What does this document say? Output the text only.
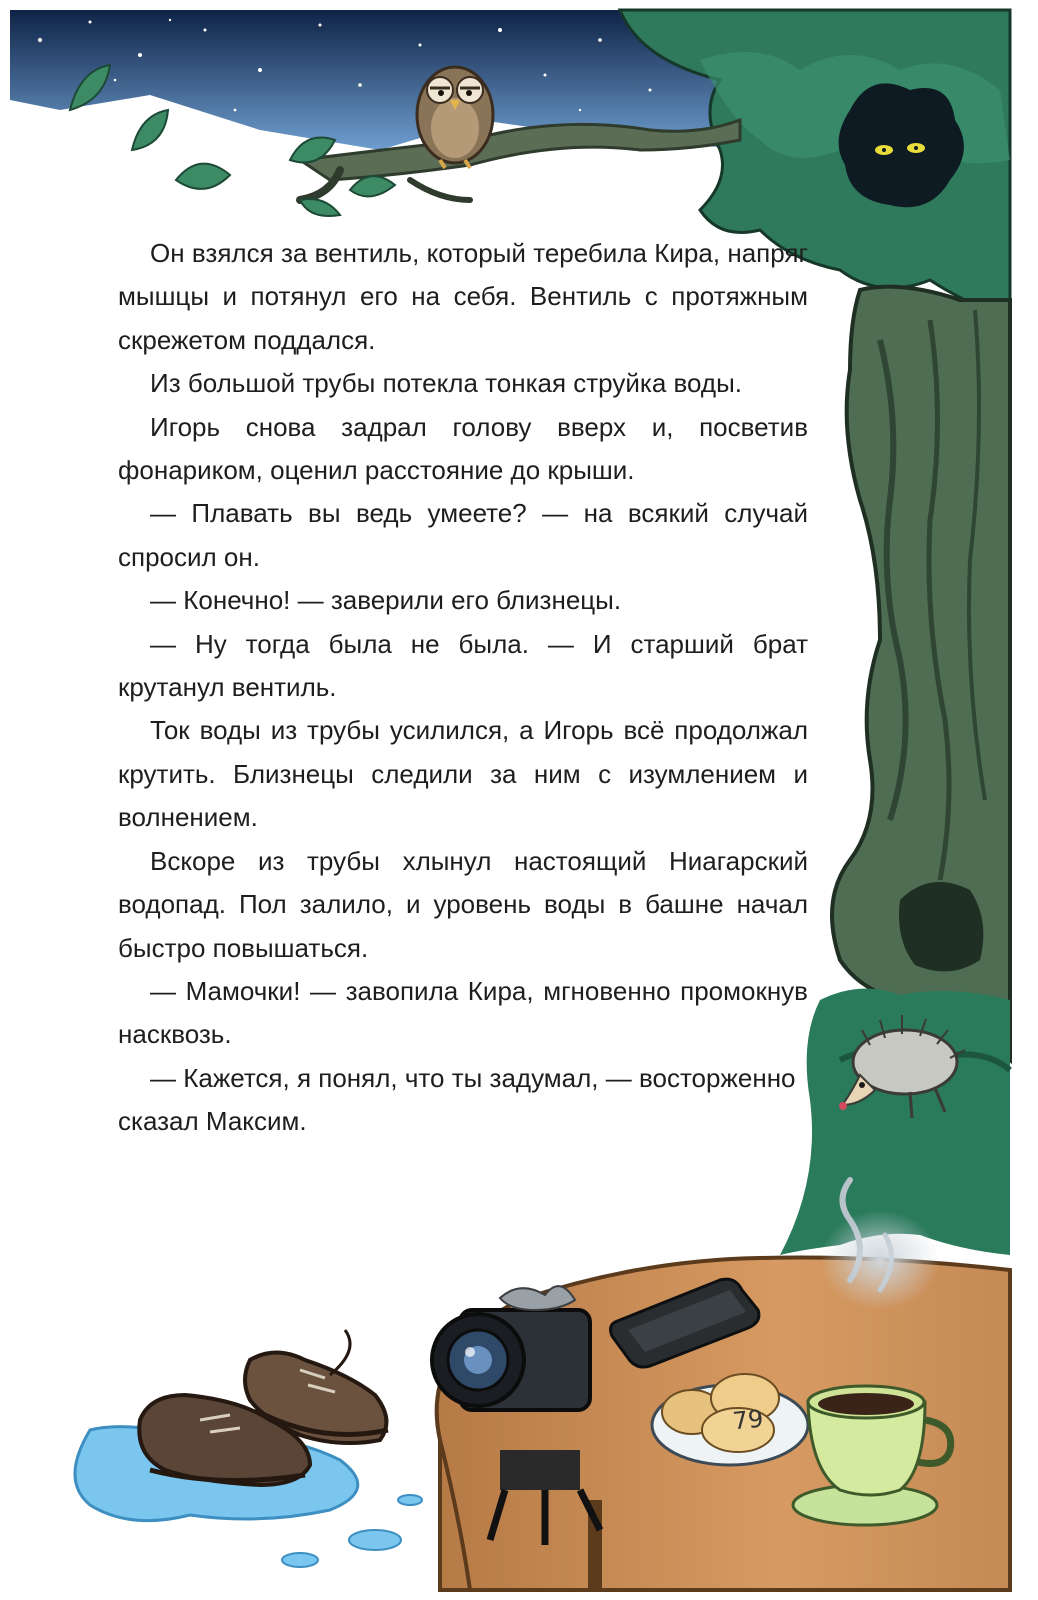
Он взялся за вентиль, который теребила Кира, напряг мышцы и потянул его на себя. Вентиль с протяжным скрежетом поддался.

Из большой трубы потекла тонкая струйка воды.

Игорь снова задрал голову вверх и, посветив фонариком, оценил расстояние до крыши.

— Плавать вы ведь умеете? — на всякий случай спросил он.

— Конечно! — заверили его близнецы.

— Ну тогда была не была. — И старший брат крутанул вентиль.

Ток воды из трубы усилился, а Игорь всё продолжал крутить. Близнецы следили за ним с изумлением и волнением.

Вскоре из трубы хлынул настоящий Ниагарский водопад. Пол залило, и уровень воды в башне начал быстро повышаться.

— Мамочки! — завопила Кира, мгновенно промокнув насквозь.

— Кажется, я понял, что ты задумал, — восторженно сказал Максим.

79
